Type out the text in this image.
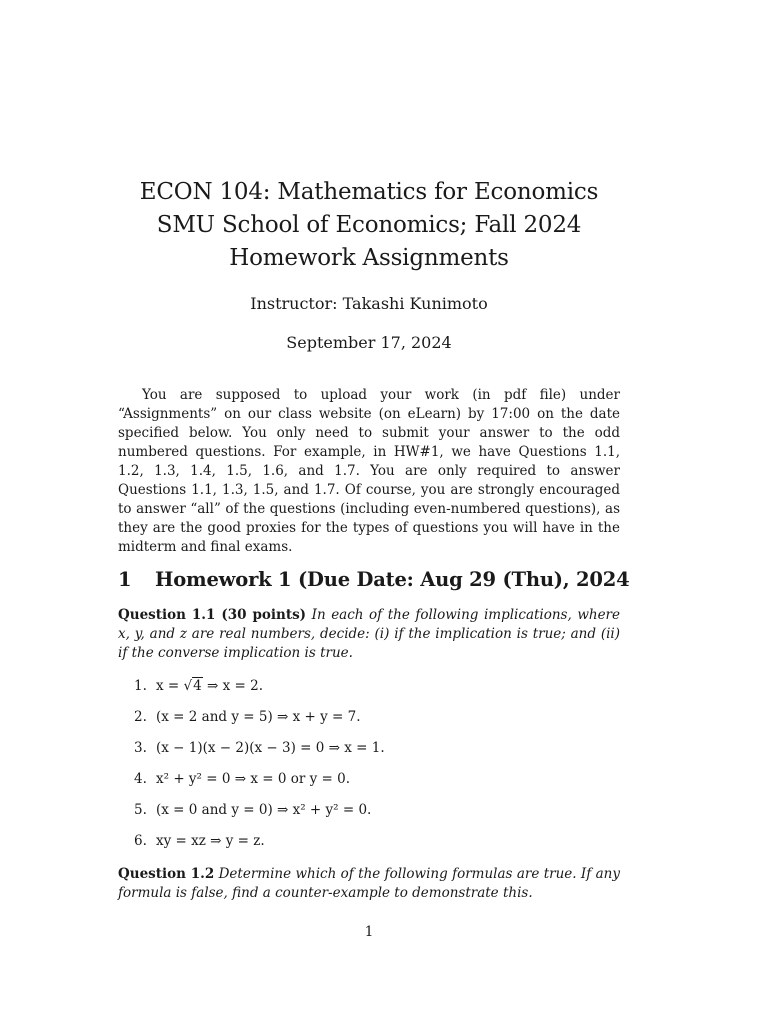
ECON 104: Mathematics for Economics
SMU School of Economics; Fall 2024
Homework Assignments
Instructor: Takashi Kunimoto
September 17, 2024

You are supposed to upload your work (in pdf file) under “Assignments” on our class website (on eLearn) by 17:00 on the date specified below. You only need to submit your answer to the odd numbered questions. For example, in HW#1, we have Questions 1.1, 1.2, 1.3, 1.4, 1.5, 1.6, and 1.7. You are only required to answer Questions 1.1, 1.3, 1.5, and 1.7. Of course, you are strongly encouraged to answer “all” of the questions (including even-numbered questions), as they are the good proxies for the types of questions you will have in the midterm and final exams.

1 Homework 1 (Due Date: Aug 29 (Thu), 2024
Question 1.1 (30 points) In each of the following implications, where x, y, and z are real numbers, decide: (i) if the implication is true; and (ii) if the converse implication is true.
1. x = √4 ⇒ x = 2.
2. (x = 2 and y = 5) ⇒ x + y = 7.
3. (x − 1)(x − 2)(x − 3) = 0 ⇒ x = 1.
4. x² + y² = 0 ⇒ x = 0 or y = 0.
5. (x = 0 and y = 0) ⇒ x² + y² = 0.
6. xy = xz ⇒ y = z.
Question 1.2 Determine which of the following formulas are true. If any formula is false, find a counter-example to demonstrate this.
1
